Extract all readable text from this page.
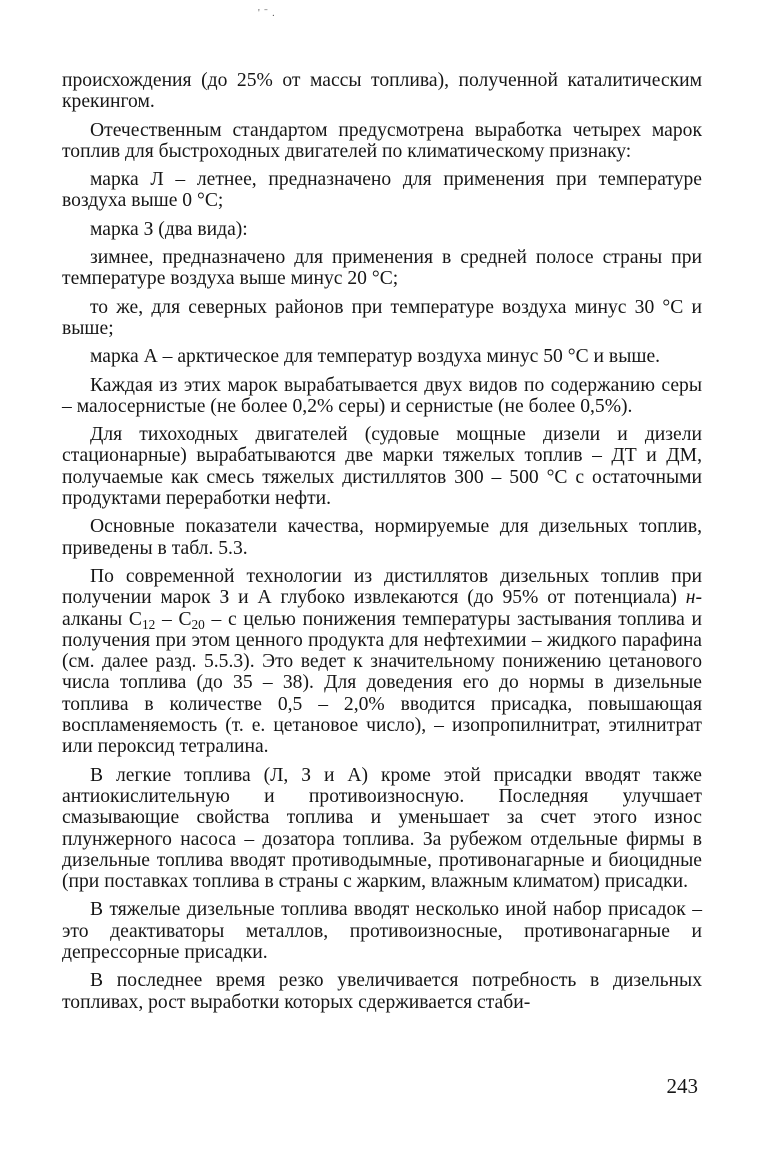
' ˉ .

происхождения (до 25% от массы топлива), полученной каталитическим крекингом.

Отечественным стандартом предусмотрена выработка четырех марок топлив для быстроходных двигателей по климатическому признаку:

марка Л – летнее, предназначено для применения при температуре воздуха выше 0 °C;

марка З (два вида):

зимнее, предназначено для применения в средней полосе страны при температуре воздуха выше минус 20 °C;

то же, для северных районов при температуре воздуха минус 30 °C и выше;

марка А – арктическое для температур воздуха минус 50 °C и выше.

Каждая из этих марок вырабатывается двух видов по содержанию серы – малосернистые (не более 0,2% серы) и сернистые (не более 0,5%).

Для тихоходных двигателей (судовые мощные дизели и дизели стационарные) вырабатываются две марки тяжелых топлив – ДТ и ДМ, получаемые как смесь тяжелых дистиллятов 300 – 500 °C с остаточными продуктами переработки нефти.

Основные показатели качества, нормируемые для дизельных топлив, приведены в табл. 5.3.

По современной технологии из дистиллятов дизельных топлив при получении марок З и А глубоко извлекаются (до 95% от потенциала) н-алканы $C_{12} - C_{20}$ – с целью понижения температуры застывания топлива и получения при этом ценного продукта для нефтехимии – жидкого парафина (см. далее разд. 5.5.3). Это ведет к значительному понижению цетанового числа топлива (до 35 – 38). Для доведения его до нормы в дизельные топлива в количестве 0,5 – 2,0% вводится присадка, повышающая воспламеняемость (т. е. цетановое число), – изопропилнитрат, этилнитрат или пероксид тетралина.

В легкие топлива (Л, З и А) кроме этой присадки вводят также антиокислительную и противоизносную. Последняя улучшает смазывающие свойства топлива и уменьшает за счет этого износ плунжерного насоса – дозатора топлива. За рубежом отдельные фирмы в дизельные топлива вводят противодымные, противонагарные и биоцидные (при поставках топлива в страны с жарким, влажным климатом) присадки.

В тяжелые дизельные топлива вводят несколько иной набор присадок – это деактиваторы металлов, противоизносные, противонагарные и депрессорные присадки.

В последнее время резко увеличивается потребность в дизельных топливах, рост выработки которых сдерживается стаби-

243
